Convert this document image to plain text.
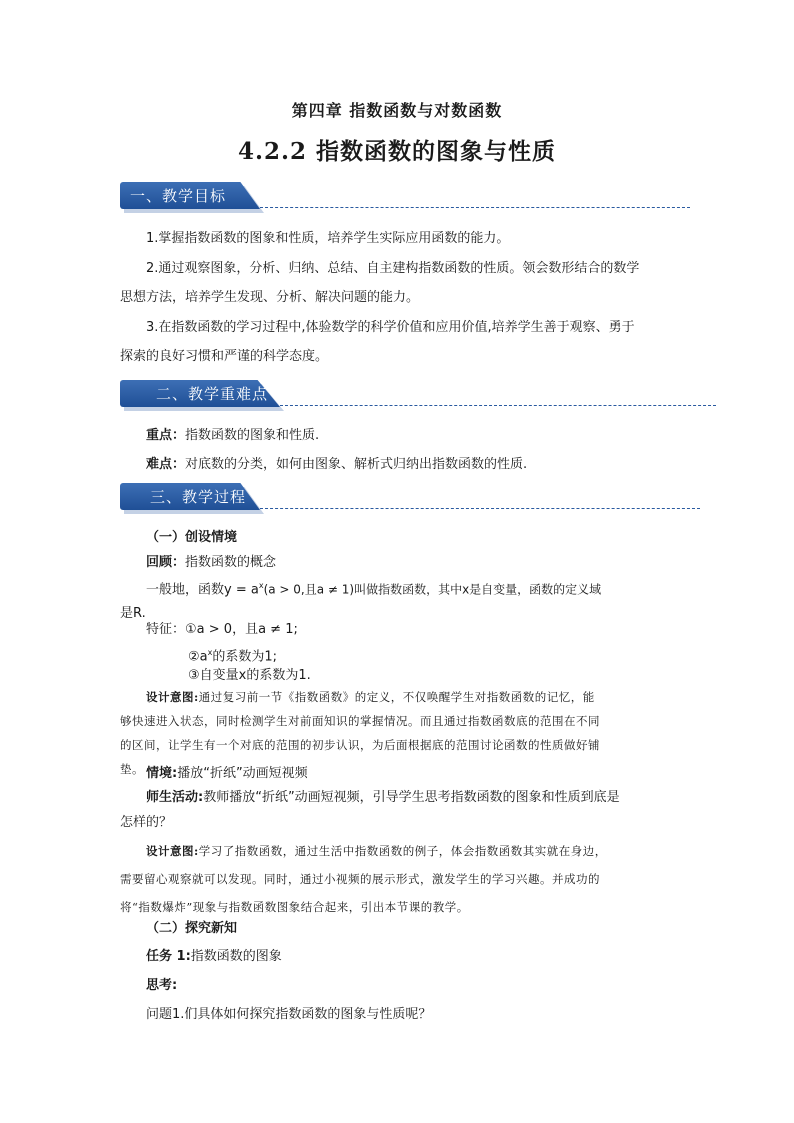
第四章 指数函数与对数函数
4.2.2 指数函数的图象与性质
一、教学目标
1.掌握指数函数的图象和性质，培养学生实际应用函数的能力。
2.通过观察图象，分析、归纳、总结、自主建构指数函数的性质。领会数形结合的数学
思想方法，培养学生发现、分析、解决问题的能力。
3.在指数函数的学习过程中,体验数学的科学价值和应用价值,培养学生善于观察、勇于
探索的良好习惯和严谨的科学态度。
二、教学重难点
重点：指数函数的图象和性质.
难点：对底数的分类，如何由图象、解析式归纳出指数函数的性质.
三、教学过程
（一）创设情境
回顾：指数函数的概念
一般地，函数$y = a^x(a > 0$,且a ≠ 1)叫做指数函数，其中x是自变量，函数的定义域
是R.
特征：①a > 0，且a ≠ 1;
$②a^x$的系数为1;
③自变量x的系数为1.
设计意图:通过复习前一节《指数函数》的定义，不仅唤醒学生对指数函数的记忆，能
够快速进入状态，同时检测学生对前面知识的掌握情况。而且通过指数函数底的范围在不同
的区间，让学生有一个对底的范围的初步认识，为后面根据底的范围讨论函数的性质做好铺
垫。 情境:播放“折纸”动画短视频
师生活动:教师播放“折纸”动画短视频，引导学生思考指数函数的图象和性质到底是
怎样的？
设计意图:学习了指数函数，通过生活中指数函数的例子，体会指数函数其实就在身边，
需要留心观察就可以发现。同时，通过小视频的展示形式，激发学生的学习兴趣。并成功的
将“指数爆炸”现象与指数函数图象结合起来，引出本节课的教学。
（二）探究新知
任务 1:指数函数的图象
思考:
问题1.们具体如何探究指数函数的图象与性质呢？
